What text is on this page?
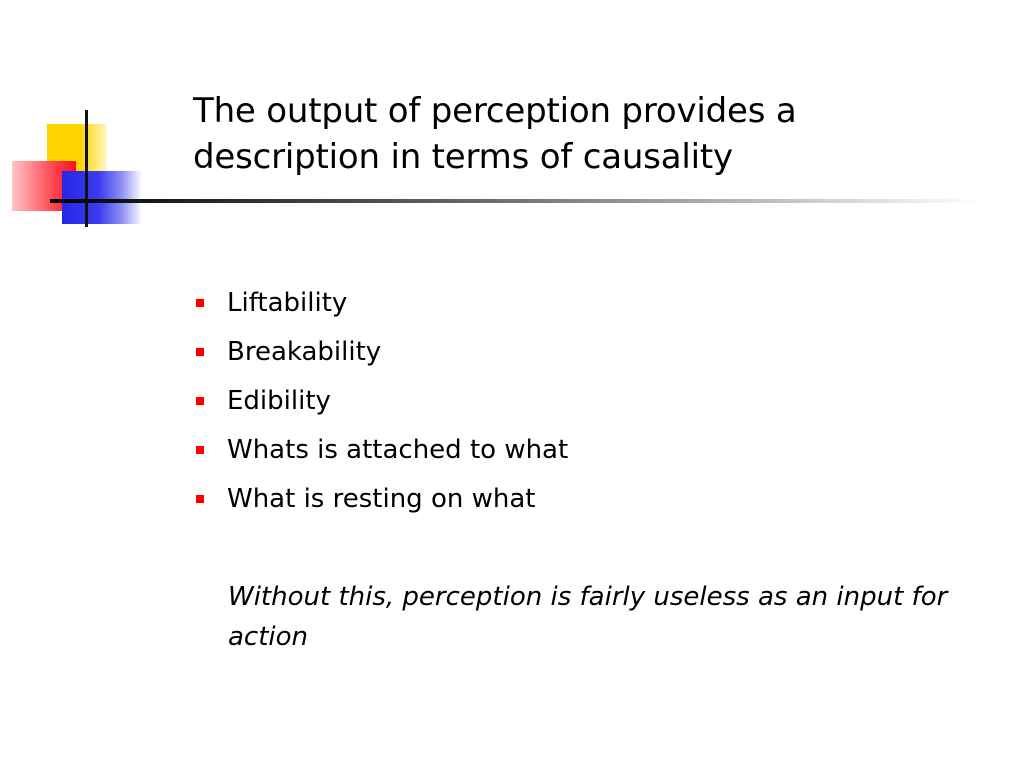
The output of perception provides a
description in terms of causality
Liftability
Breakability
Edibility
Whats is attached to what
What is resting on what

Without this, perception is fairly useless as an input for action
